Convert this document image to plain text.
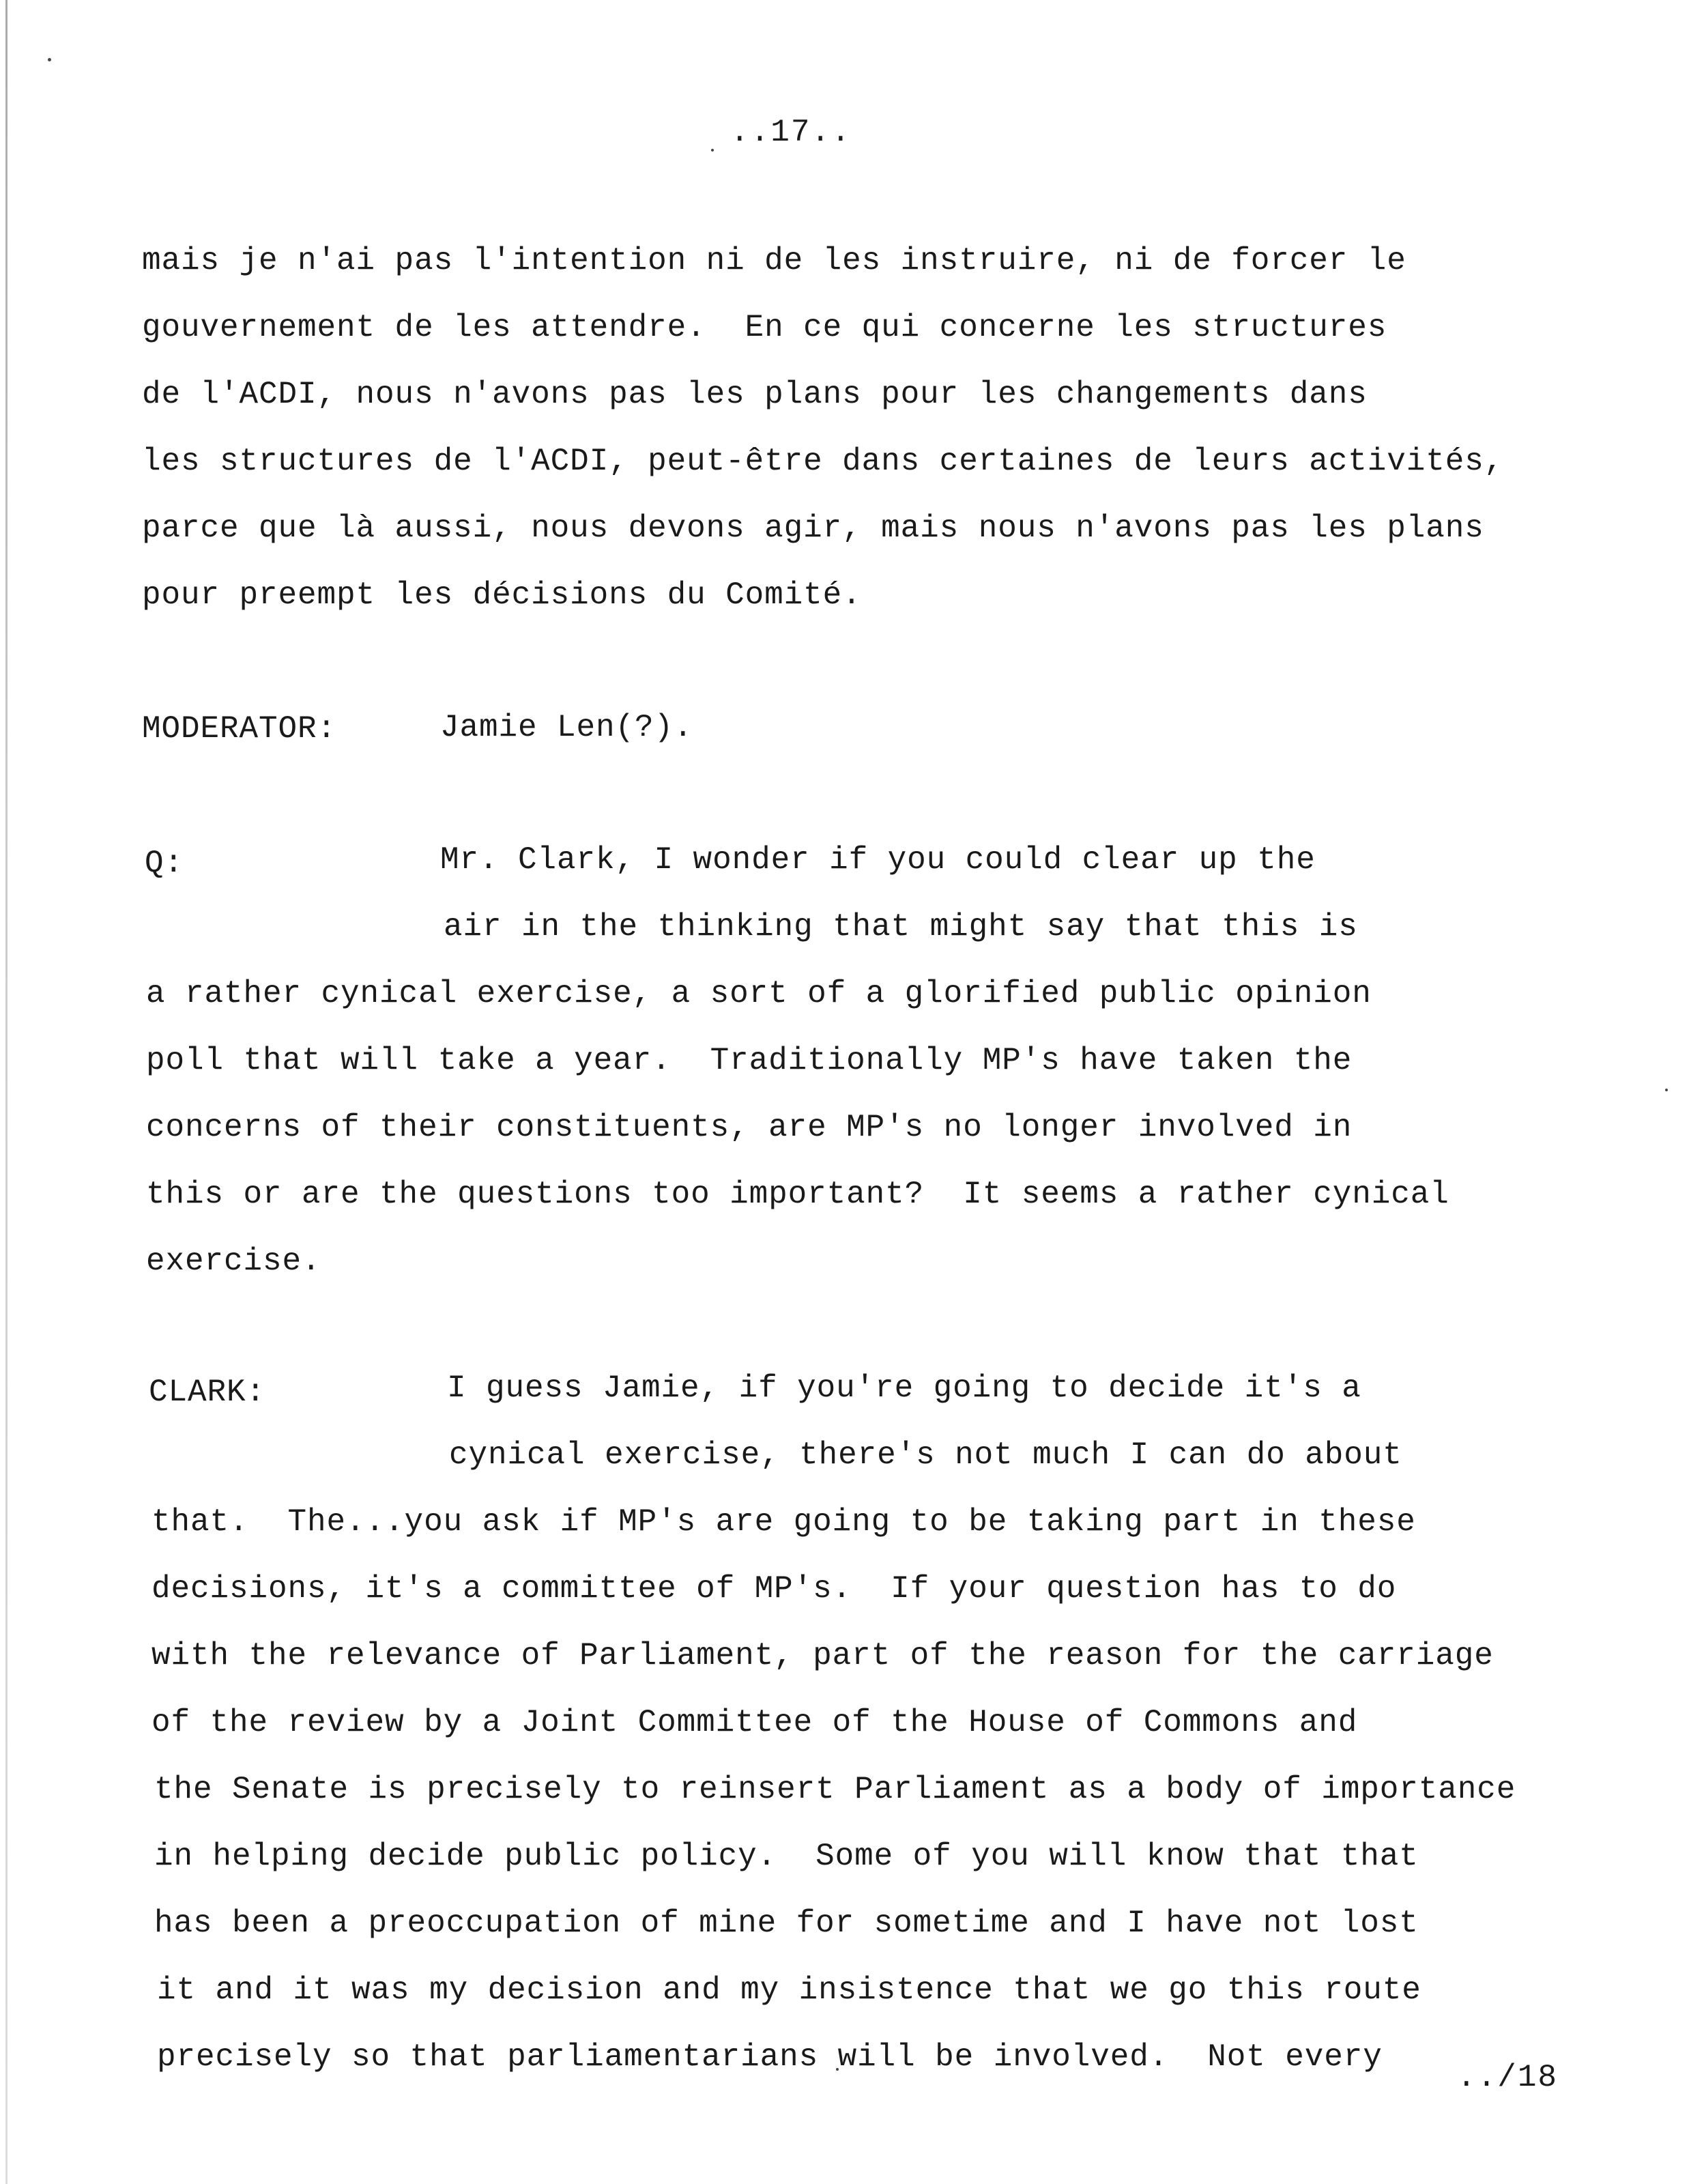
..17..
mais je n'ai pas l'intention ni de les instruire, ni de forcer le
gouvernement de les attendre.  En ce qui concerne les structures
de l'ACDI, nous n'avons pas les plans pour les changements dans
les structures de l'ACDI, peut-être dans certaines de leurs activités,
parce que là aussi, nous devons agir, mais nous n'avons pas les plans
pour preempt les décisions du Comité.
MODERATOR:	Jamie Len(?).
Q:	Mr. Clark, I wonder if you could clear up the
air in the thinking that might say that this is
a rather cynical exercise, a sort of a glorified public opinion
poll that will take a year.  Traditionally MP's have taken the
concerns of their constituents, are MP's no longer involved in
this or are the questions too important?  It seems a rather cynical
exercise.
CLARK:	I guess Jamie, if you're going to decide it's a
cynical exercise, there's not much I can do about
that.  The...you ask if MP's are going to be taking part in these
decisions, it's a committee of MP's.  If your question has to do
with the relevance of Parliament, part of the reason for the carriage
of the review by a Joint Committee of the House of Commons and
the Senate is precisely to reinsert Parliament as a body of importance
in helping decide public policy.  Some of you will know that that
has been a preoccupation of mine for sometime and I have not lost
it and it was my decision and my insistence that we go this route
precisely so that parliamentarians will be involved.  Not every
../18
